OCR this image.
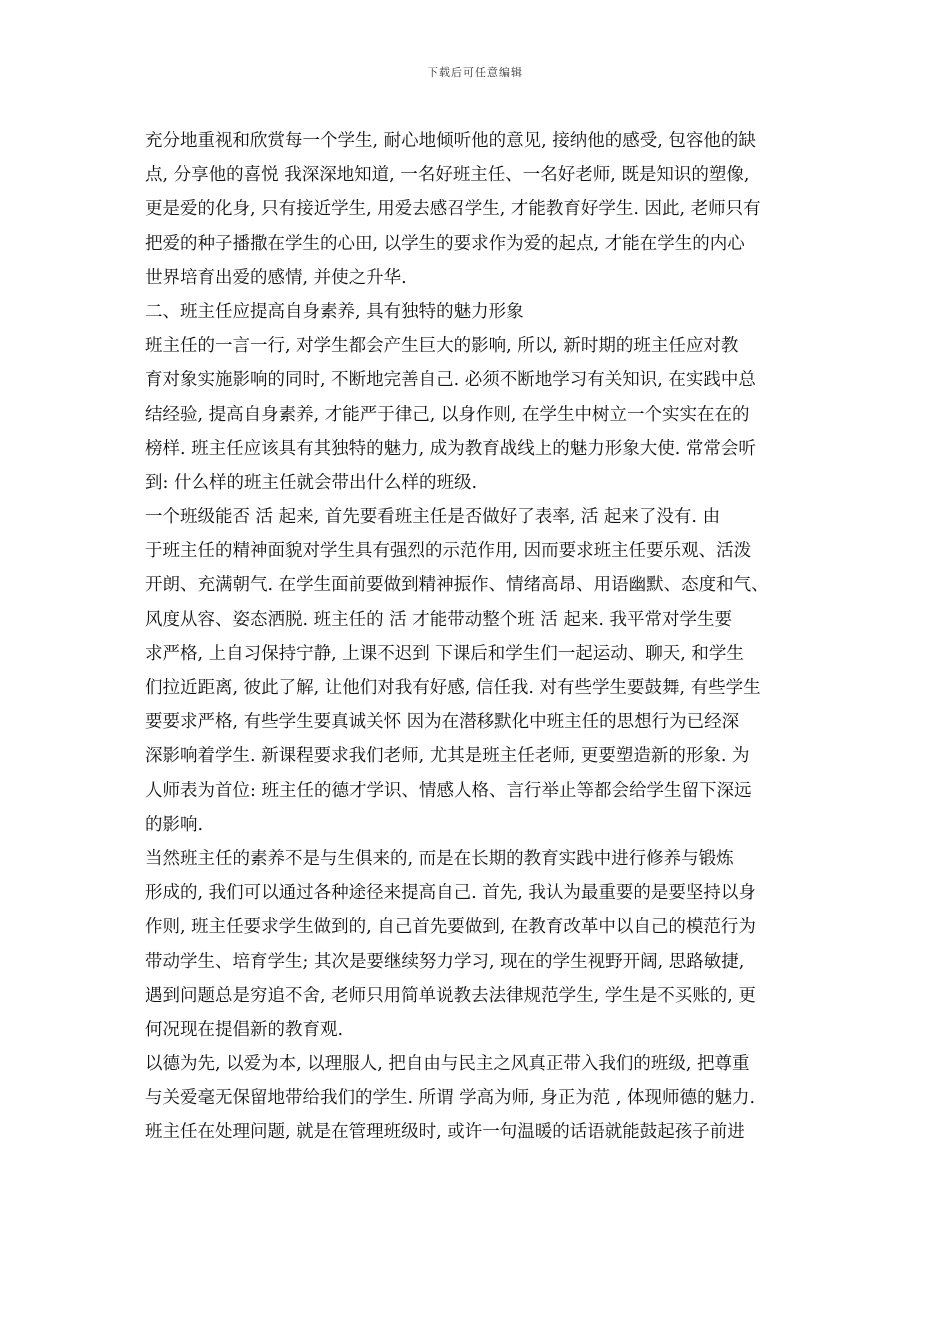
下载后可任意编辑
充分地重视和欣赏每一个学生, 耐心地倾听他的意见, 接纳他的感受, 包容他的缺
点, 分享他的喜悦 我深深地知道, 一名好班主任、一名好老师, 既是知识的塑像,
更是爱的化身, 只有接近学生, 用爱去感召学生, 才能教育好学生. 因此, 老师只有
把爱的种子播撒在学生的心田, 以学生的要求作为爱的起点, 才能在学生的内心
世界培育出爱的感情, 并使之升华.
二、班主任应提高自身素养, 具有独特的魅力形象
班主任的一言一行, 对学生都会产生巨大的影响, 所以, 新时期的班主任应对教
育对象实施影响的同时, 不断地完善自己. 必须不断地学习有关知识, 在实践中总
结经验, 提高自身素养, 才能严于律己, 以身作则, 在学生中树立一个实实在在的
榜样. 班主任应该具有其独特的魅力, 成为教育战线上的魅力形象大使. 常常会听
到: 什么样的班主任就会带出什么样的班级.
一个班级能否 活 起来, 首先要看班主任是否做好了表率, 活 起来了没有. 由
于班主任的精神面貌对学生具有强烈的示范作用, 因而要求班主任要乐观、活泼
开朗、充满朝气. 在学生面前要做到精神振作、情绪高昂、用语幽默、态度和气、
风度从容、姿态洒脱. 班主任的 活 才能带动整个班 活 起来. 我平常对学生要
求严格, 上自习保持宁静, 上课不迟到 下课后和学生们一起运动、聊天, 和学生
们拉近距离, 彼此了解, 让他们对我有好感, 信任我. 对有些学生要鼓舞, 有些学生
要要求严格, 有些学生要真诚关怀 因为在潜移默化中班主任的思想行为已经深
深影响着学生. 新课程要求我们老师, 尤其是班主任老师, 更要塑造新的形象. 为
人师表为首位: 班主任的德才学识、情感人格、言行举止等都会给学生留下深远
的影响.
当然班主任的素养不是与生俱来的, 而是在长期的教育实践中进行修养与锻炼
形成的, 我们可以通过各种途径来提高自己. 首先, 我认为最重要的是要坚持以身
作则, 班主任要求学生做到的, 自己首先要做到, 在教育改革中以自己的模范行为
带动学生、培育学生; 其次是要继续努力学习, 现在的学生视野开阔, 思路敏捷,
遇到问题总是穷追不舍, 老师只用简单说教去法律规范学生, 学生是不买账的, 更
何况现在提倡新的教育观.
以德为先, 以爱为本, 以理服人, 把自由与民主之风真正带入我们的班级, 把尊重
与关爱毫无保留地带给我们的学生. 所谓 学高为师, 身正为范 , 体现师德的魅力.
班主任在处理问题, 就是在管理班级时, 或许一句温暖的话语就能鼓起孩子前进
